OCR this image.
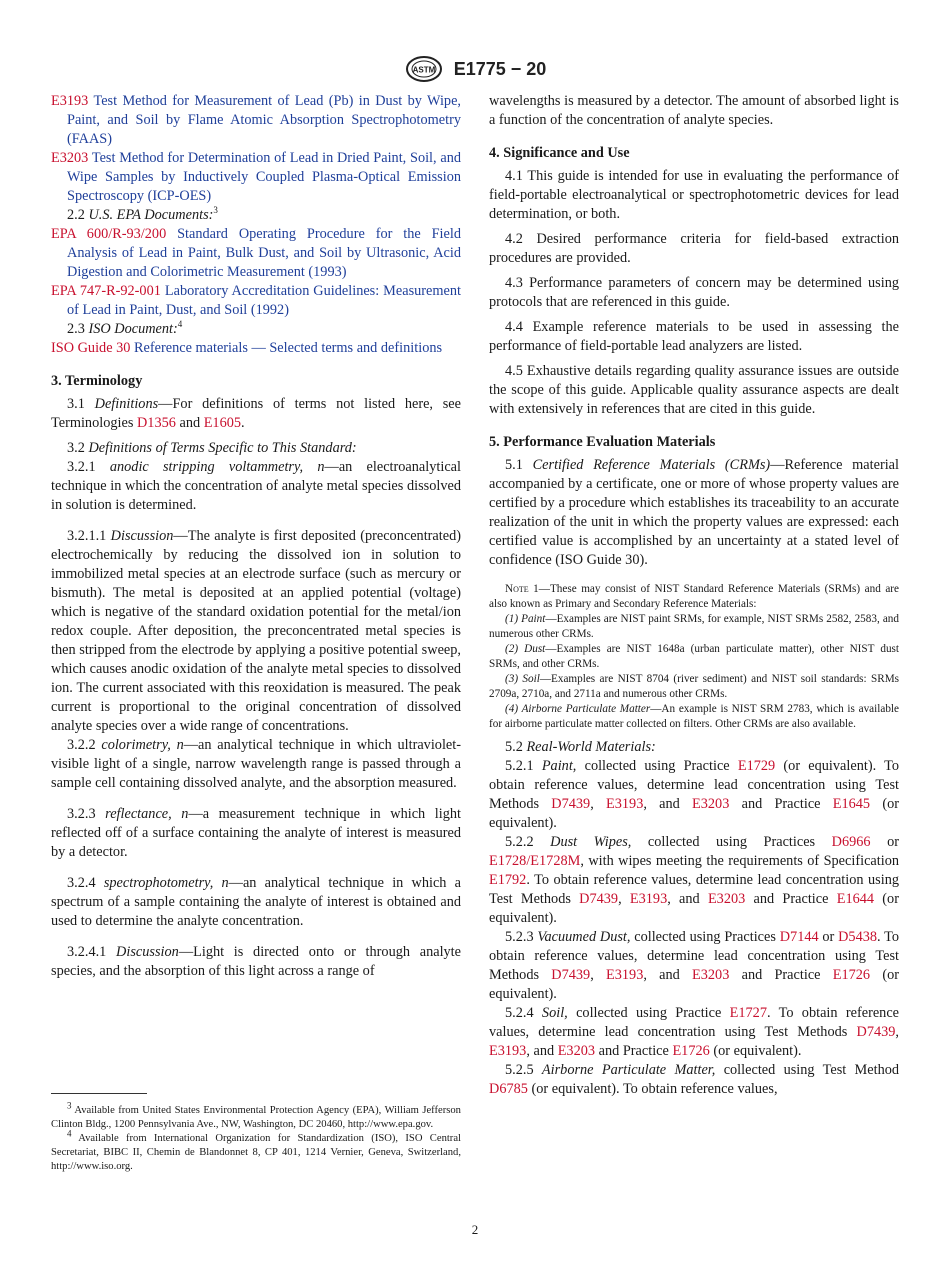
ASTM E1775 − 20

E3193 Test Method for Measurement of Lead (Pb) in Dust by Wipe, Paint, and Soil by Flame Atomic Absorption Spectrophotometry (FAAS)

E3203 Test Method for Determination of Lead in Dried Paint, Soil, and Wipe Samples by Inductively Coupled Plasma-Optical Emission Spectroscopy (ICP-OES)

2.2 U.S. EPA Documents:$^3$

EPA 600/R-93/200 Standard Operating Procedure for the Field Analysis of Lead in Paint, Bulk Dust, and Soil by Ultrasonic, Acid Digestion and Colorimetric Measurement (1993)

EPA 747-R-92-001 Laboratory Accreditation Guidelines: Measurement of Lead in Paint, Dust, and Soil (1992)

2.3 ISO Document:$^4$

ISO Guide 30 Reference materials — Selected terms and definitions

3. Terminology

3.1 Definitions—For definitions of terms not listed here, see Terminologies D1356 and E1605.

3.2 Definitions of Terms Specific to This Standard:

3.2.1 anodic stripping voltammetry, n—an electroanalytical technique in which the concentration of analyte metal species dissolved in solution is determined.

3.2.1.1 Discussion—The analyte is first deposited (preconcentrated) electrochemically by reducing the dissolved ion in solution to immobilized metal species at an electrode surface (such as mercury or bismuth). The metal is deposited at an applied potential (voltage) which is negative of the standard oxidation potential for the metal/ion redox couple. After deposition, the preconcentrated metal species is then stripped from the electrode by applying a positive potential sweep, which causes anodic oxidation of the analyte metal species to dissolved ion. The current associated with this reoxidation is measured. The peak current is proportional to the original concentration of dissolved analyte species over a wide range of concentrations.

3.2.2 colorimetry, n—an analytical technique in which ultraviolet-visible light of a single, narrow wavelength range is passed through a sample cell containing dissolved analyte, and the absorption measured.

3.2.3 reflectance, n—a measurement technique in which light reflected off of a surface containing the analyte of interest is measured by a detector.

3.2.4 spectrophotometry, n—an analytical technique in which a spectrum of a sample containing the analyte of interest is obtained and used to determine the analyte concentration.

3.2.4.1 Discussion—Light is directed onto or through analyte species, and the absorption of this light across a range of

$^3$ Available from United States Environmental Protection Agency (EPA), William Jefferson Clinton Bldg., 1200 Pennsylvania Ave., NW, Washington, DC 20460, http://www.epa.gov.

$^4$ Available from International Organization for Standardization (ISO), ISO Central Secretariat, BIBC II, Chemin de Blandonnet 8, CP 401, 1214 Vernier, Geneva, Switzerland, http://www.iso.org.

wavelengths is measured by a detector. The amount of absorbed light is a function of the concentration of analyte species.

4. Significance and Use

4.1 This guide is intended for use in evaluating the performance of field-portable electroanalytical or spectrophotometric devices for lead determination, or both.

4.2 Desired performance criteria for field-based extraction procedures are provided.

4.3 Performance parameters of concern may be determined using protocols that are referenced in this guide.

4.4 Example reference materials to be used in assessing the performance of field-portable lead analyzers are listed.

4.5 Exhaustive details regarding quality assurance issues are outside the scope of this guide. Applicable quality assurance aspects are dealt with extensively in references that are cited in this guide.

5. Performance Evaluation Materials

5.1 Certified Reference Materials (CRMs)—Reference material accompanied by a certificate, one or more of whose property values are certified by a procedure which establishes its traceability to an accurate realization of the unit in which the property values are expressed: each certified value is accomplished by an uncertainty at a stated level of confidence (ISO Guide 30).

Note 1—These may consist of NIST Standard Reference Materials (SRMs) and are also known as Primary and Secondary Reference Materials:

(1) Paint—Examples are NIST paint SRMs, for example, NIST SRMs 2582, 2583, and numerous other CRMs.

(2) Dust—Examples are NIST 1648a (urban particulate matter), other NIST dust SRMs, and other CRMs.

(3) Soil—Examples are NIST 8704 (river sediment) and NIST soil standards: SRMs 2709a, 2710a, and 2711a and numerous other CRMs.

(4) Airborne Particulate Matter—An example is NIST SRM 2783, which is available for airborne particulate matter collected on filters. Other CRMs are also available.

5.2 Real-World Materials:

5.2.1 Paint, collected using Practice E1729 (or equivalent). To obtain reference values, determine lead concentration using Test Methods D7439, E3193, and E3203 and Practice E1645 (or equivalent).

5.2.2 Dust Wipes, collected using Practices D6966 or E1728/E1728M, with wipes meeting the requirements of Specification E1792. To obtain reference values, determine lead concentration using Test Methods D7439, E3193, and E3203 and Practice E1644 (or equivalent).

5.2.3 Vacuumed Dust, collected using Practices D7144 or D5438. To obtain reference values, determine lead concentration using Test Methods D7439, E3193, and E3203 and Practice E1726 (or equivalent).

5.2.4 Soil, collected using Practice E1727. To obtain reference values, determine lead concentration using Test Methods D7439, E3193, and E3203 and Practice E1726 (or equivalent).

5.2.5 Airborne Particulate Matter, collected using Test Method D6785 (or equivalent). To obtain reference values,

2
